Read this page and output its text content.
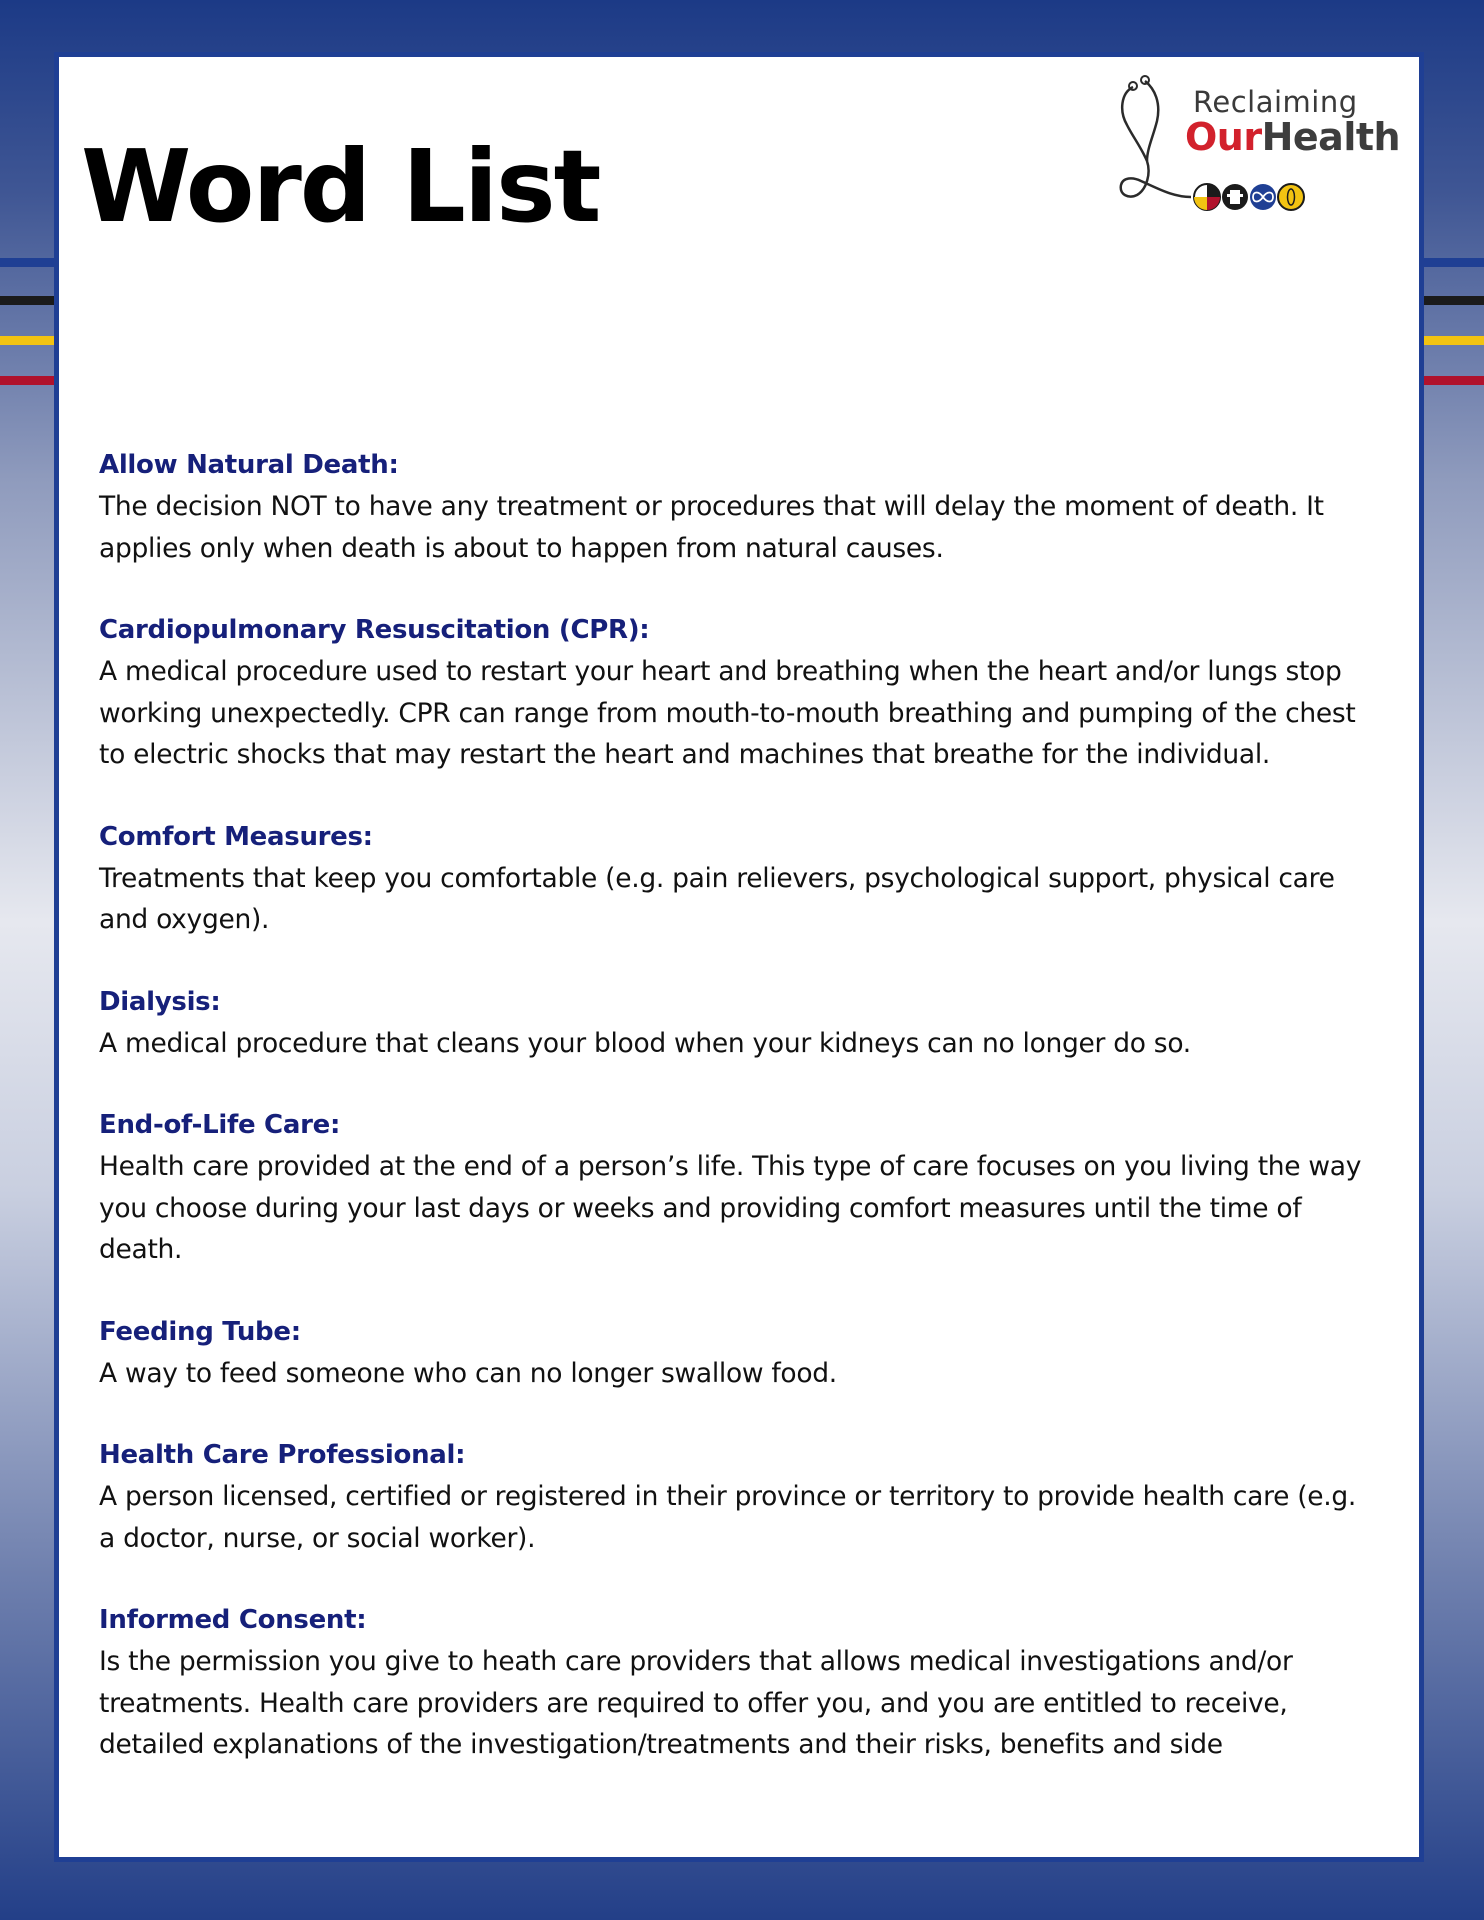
Word List
Reclaiming
OurHealth
Allow Natural Death:
The decision NOT to have any treatment or procedures that will delay the moment of death. It applies only when death is about to happen from natural causes.
Cardiopulmonary Resuscitation (CPR):
A medical procedure used to restart your heart and breathing when the heart and/or lungs stop working unexpectedly. CPR can range from mouth-to-mouth breathing and pumping of the chest to electric shocks that may restart the heart and machines that breathe for the individual.
Comfort Measures:
Treatments that keep you comfortable (e.g. pain relievers, psychological support, physical care and oxygen).
Dialysis:
A medical procedure that cleans your blood when your kidneys can no longer do so.
End-of-Life Care:
Health care provided at the end of a person’s life. This type of care focuses on you living the way you choose during your last days or weeks and providing comfort measures until the time of death.
Feeding Tube:
A way to feed someone who can no longer swallow food.
Health Care Professional:
A person licensed, certified or registered in their province or territory to provide health care (e.g. a doctor, nurse, or social worker).
Informed Consent:
Is the permission you give to heath care providers that allows medical investigations and/or treatments. Health care providers are required to offer you, and you are entitled to receive, detailed explanations of the investigation/treatments and their risks, benefits and side
